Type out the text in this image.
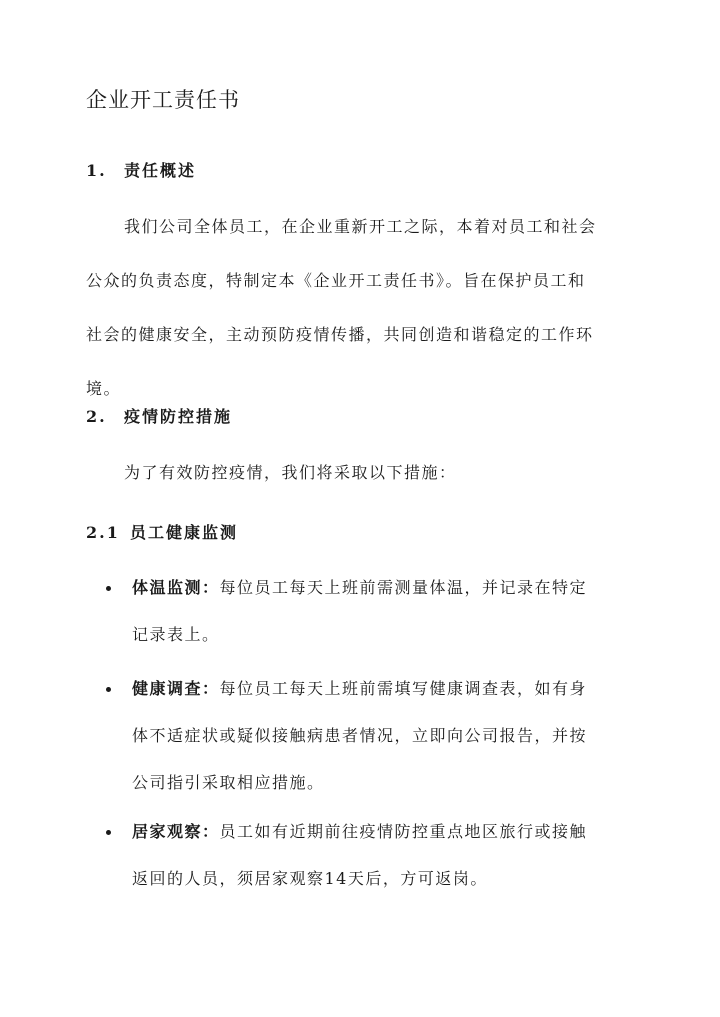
企业开工责任书
1. 责任概述
我们公司全体员工，在企业重新开工之际，本着对员工和社会
公众的负责态度，特制定本《企业开工责任书》。旨在保护员工和
社会的健康安全，主动预防疫情传播，共同创造和谐稳定的工作环
境。
2. 疫情防控措施
为了有效防控疫情，我们将采取以下措施：
2.1 员工健康监测
体温监测：每位员工每天上班前需测量体温，并记录在特定
记录表上。
健康调查：每位员工每天上班前需填写健康调查表，如有身
体不适症状或疑似接触病患者情况，立即向公司报告，并按
公司指引采取相应措施。
居家观察：员工如有近期前往疫情防控重点地区旅行或接触
返回的人员，须居家观察14天后，方可返岗。
